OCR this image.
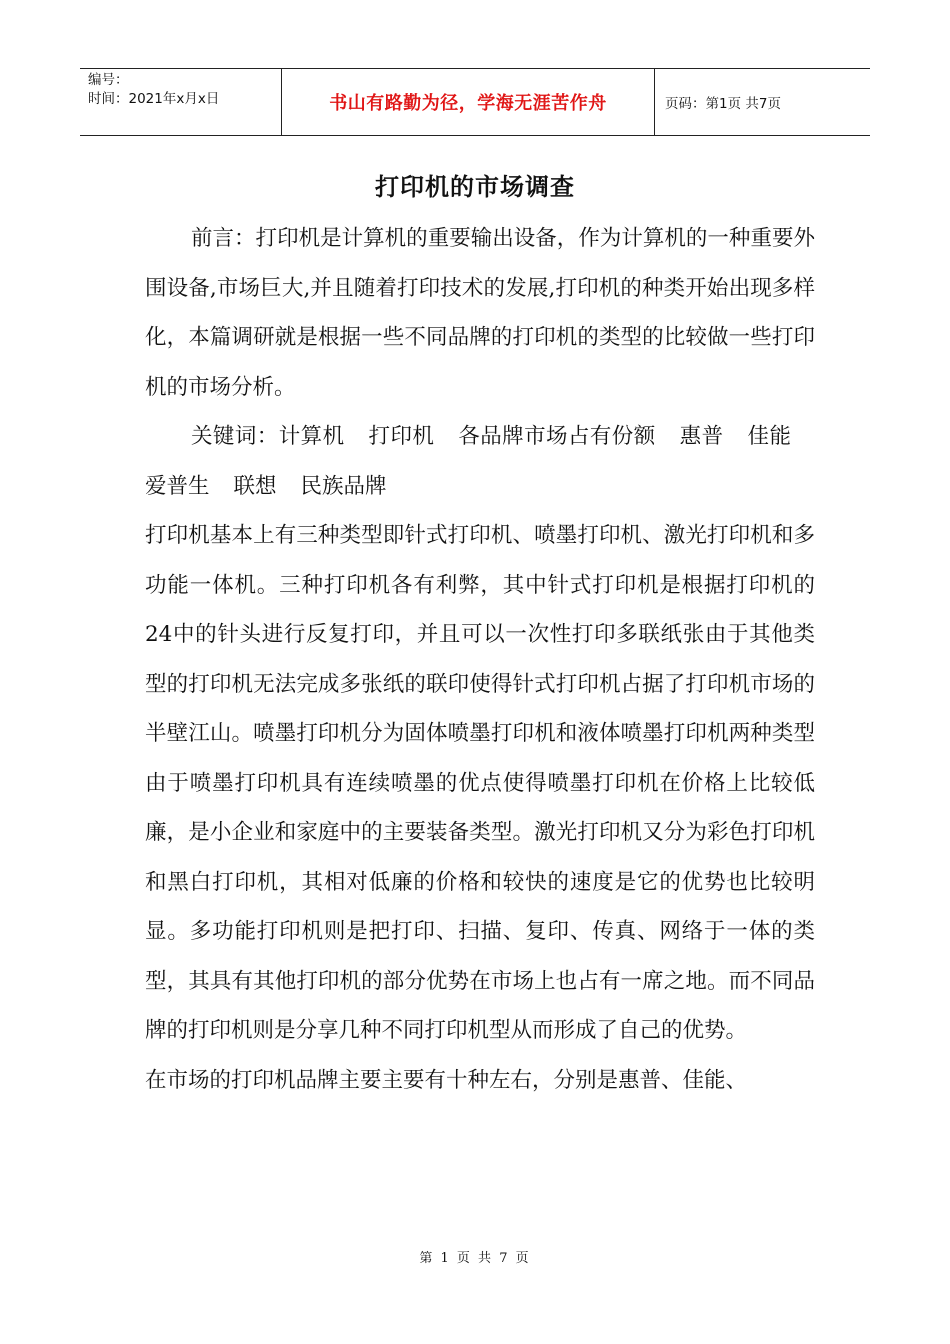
编号：
时间：2021年x月x日	书山有路勤为径，学海无涯苦作舟	页码：第1页 共7页
打印机的市场调查

前言：打印机是计算机的重要输出设备，作为计算机的一种重要外围设备,市场巨大,并且随着打印技术的发展,打印机的种类开始出现多样化，本篇调研就是根据一些不同品牌的打印机的类型的比较做一些打印机的市场分析。

关键词：计算机 打印机 各品牌市场占有份额 惠普 佳能爱普生 联想 民族品牌

打印机基本上有三种类型即针式打印机、喷墨打印机、激光打印机和多功能一体机。三种打印机各有利弊，其中针式打印机是根据打印机的24中的针头进行反复打印，并且可以一次性打印多联纸张由于其他类型的打印机无法完成多张纸的联印使得针式打印机占据了打印机市场的半壁江山。喷墨打印机分为固体喷墨打印机和液体喷墨打印机两种类型由于喷墨打印机具有连续喷墨的优点使得喷墨打印机在价格上比较低廉，是小企业和家庭中的主要装备类型。激光打印机又分为彩色打印机和黑白打印机，其相对低廉的价格和较快的速度是它的优势也比较明显。多功能打印机则是把打印、扫描、复印、传真、网络于一体的类型，其具有其他打印机的部分优势在市场上也占有一席之地。而不同品牌的打印机则是分享几种不同打印机型从而形成了自己的优势。

在市场的打印机品牌主要主要有十种左右，分别是惠普、佳能、

第 1 页 共 7 页
